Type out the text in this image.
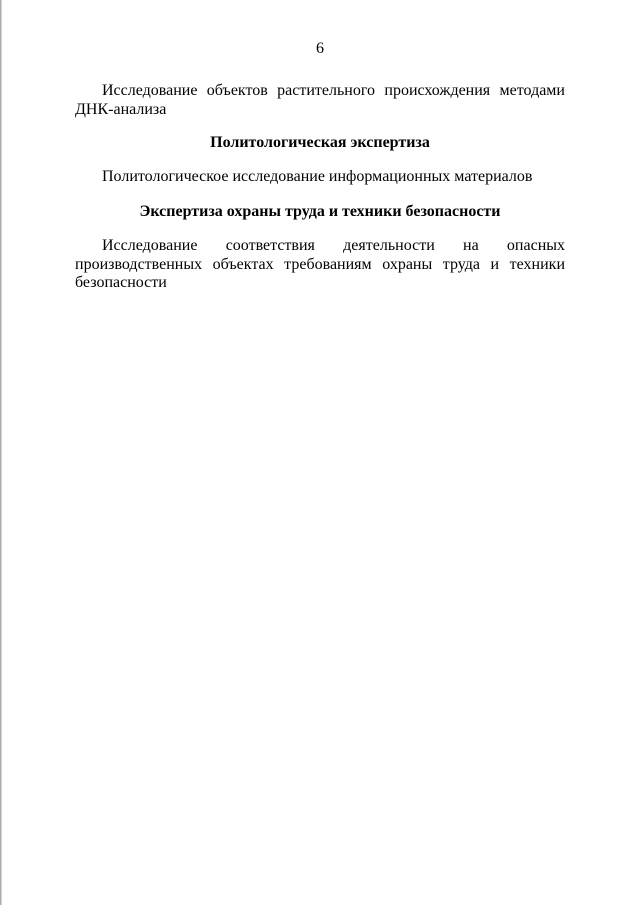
6

Исследование объектов растительного происхождения методами ДНК-анализа

Политологическая экспертиза

Политологическое исследование информационных материалов

Экспертиза охраны труда и техники безопасности

Исследование соответствия деятельности на опасных
производственных объектах требованиям охраны труда и техники
безопасности
